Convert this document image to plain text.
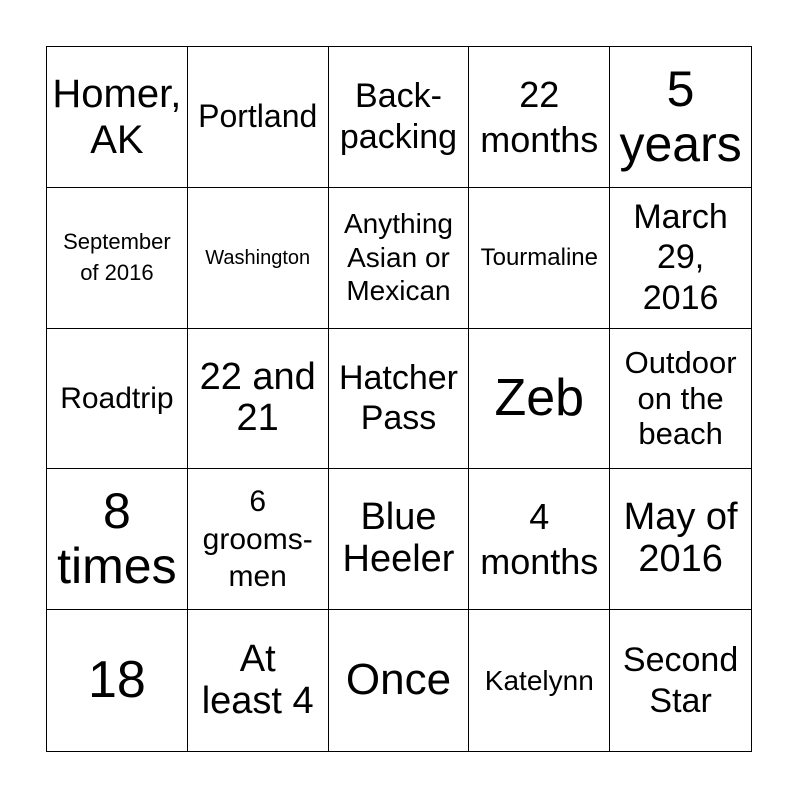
Homer,
AK
Portland
Back-
packing
22
months
5
years
September
of 2016
Washington
Anything
Asian or
Mexican
Tourmaline
March
29,
2016
Roadtrip
22 and
21
Hatcher
Pass	Zeb
Outdoor
on the
beach
8
times
6
grooms-
men
Blue
Heeler
4
months
May of
2016
18	At
least 4 Once Katelynn
Second
Star
